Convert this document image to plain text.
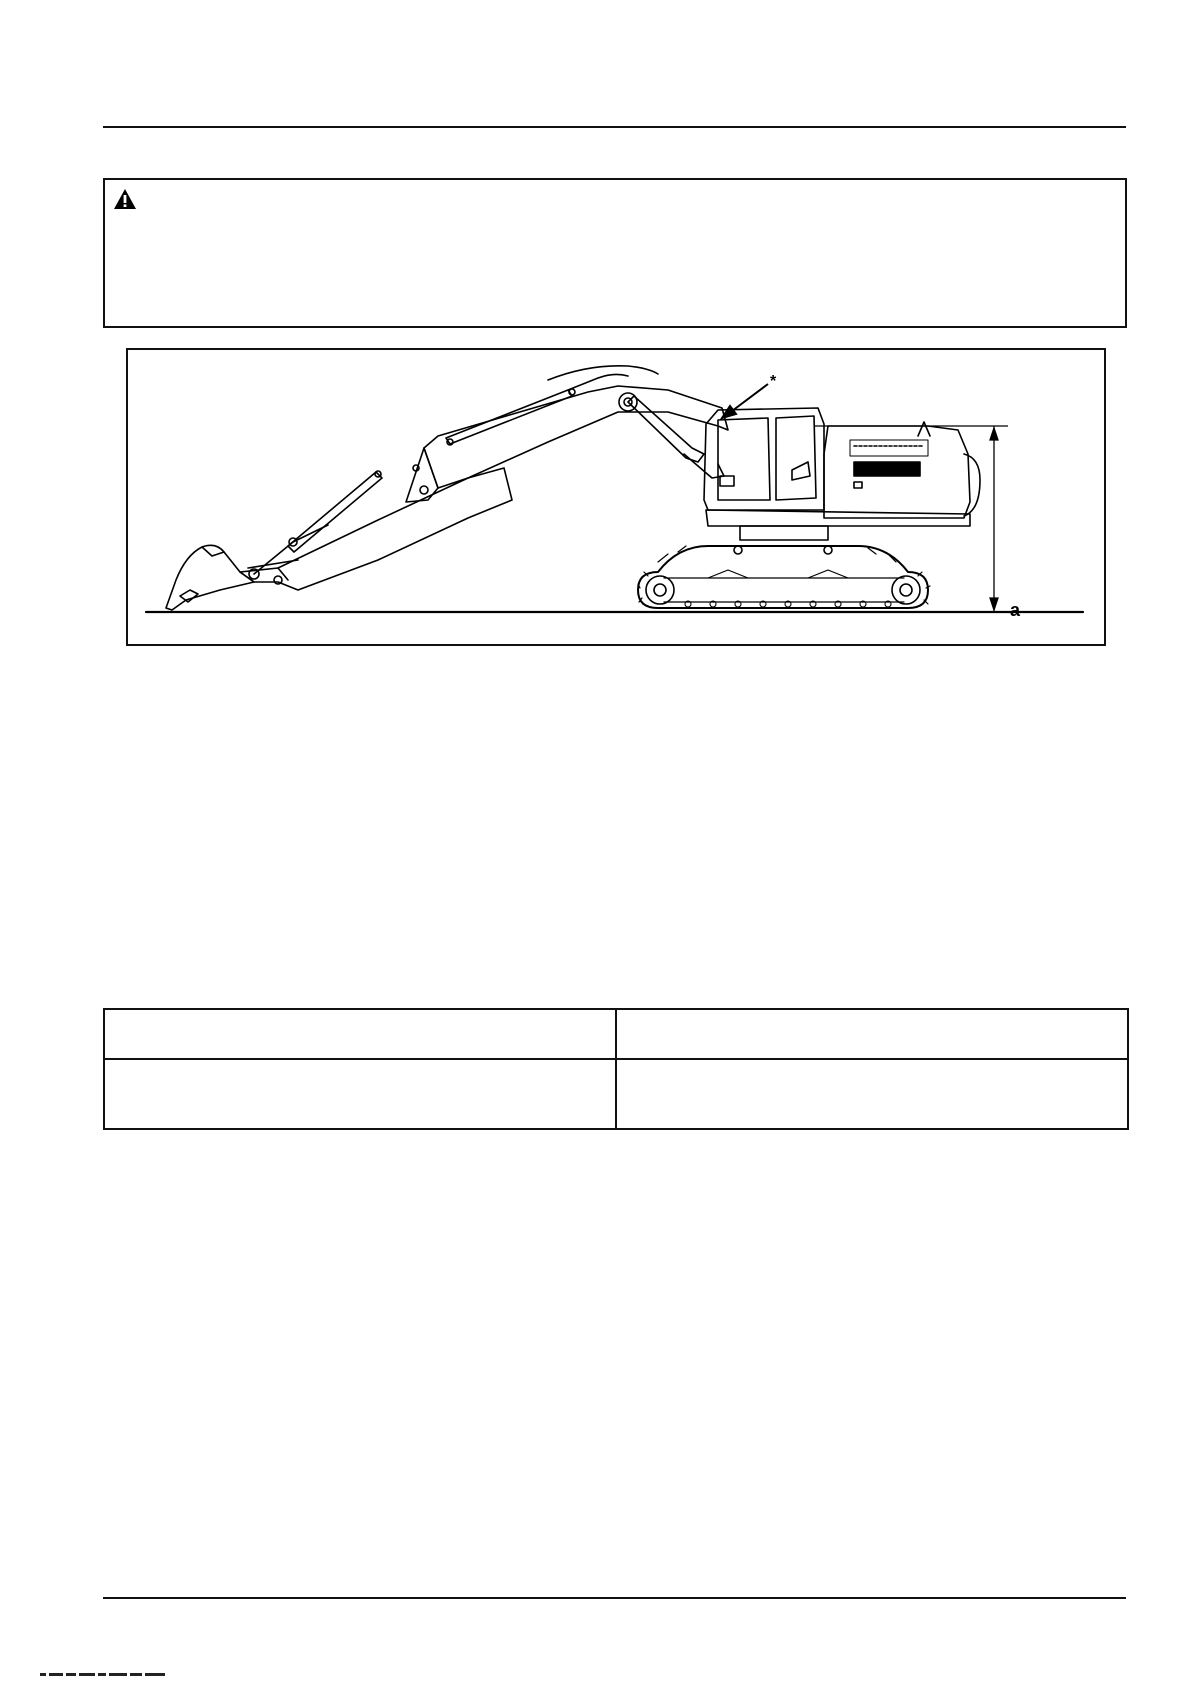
*
a
